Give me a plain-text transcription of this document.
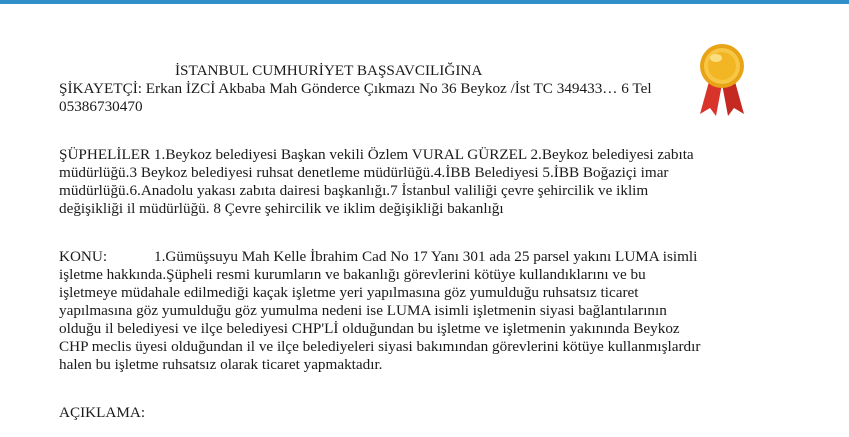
İSTANBUL CUMHURİYET BAŞSAVCILIĞINA
ŞİKAYETÇİ: Erkan İZCİ Akbaba Mah Gönderce Çıkmazı No 36 Beykoz /İst TC 349433… 6 Tel
05386730470
ŞÜPHELİLER 1.Beykoz belediyesi Başkan vekili Özlem VURAL GÜRZEL 2.Beykoz belediyesi zabıta
müdürlüğü.3 Beykoz belediyesi ruhsat denetleme müdürlüğü.4.İBB Belediyesi 5.İBB Boğaziçi imar
müdürlüğü.6.Anadolu yakası zabıta dairesi başkanlığı.7 İstanbul valiliği çevre şehircilik ve iklim
değişikliği il müdürlüğü. 8 Çevre şehircilik ve iklim değişikliği bakanlığı
KONU:	1.Gümüşsuyu Mah Kelle İbrahim Cad No 17 Yanı 301 ada 25 parsel yakını LUMA isimli
işletme hakkında.Şüpheli resmi kurumların ve bakanlığı görevlerini kötüye kullandıklarını ve bu
işletmeye müdahale edilmediği kaçak işletme yeri yapılmasına göz yumulduğu ruhsatsız ticaret
yapılmasına göz yumulduğu göz yumulma nedeni ise LUMA isimli işletmenin siyasi bağlantılarının
olduğu il belediyesi ve ilçe belediyesi CHP'Lİ olduğundan bu işletme ve işletmenin yakınında Beykoz
CHP meclis üyesi olduğundan il ve ilçe belediyeleri siyasi bakımından görevlerini kötüye kullanmışlardır
halen bu işletme ruhsatsız olarak ticaret yapmaktadır.
AÇIKLAMA:
